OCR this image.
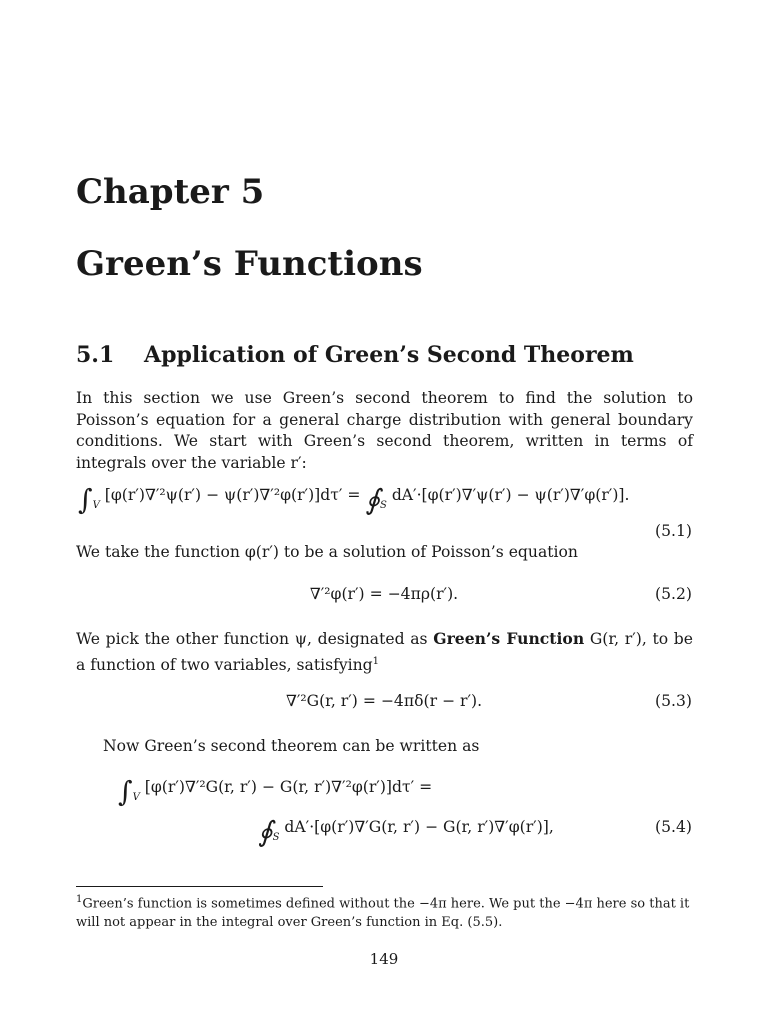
Chapter 5
Green’s Functions
5.1 Application of Green’s Second Theorem
In this section we use Green’s second theorem to find the solution to Poisson’s equation for a general charge distribution with general boundary conditions. We start with Green’s second theorem, written in terms of integrals over the variable r′:
$\int_V$ $[\varphi(r')\nabla'^2\psi(r') - \psi(r')\nabla'^2\varphi(r')]d\tau' = ∮_S$ dA′·[φ(r′)∇′ψ(r′) − ψ(r′)∇′φ(r′)].
(5.1)
We take the function φ(r′) to be a solution of Poisson’s equation
∇′²φ(r′) = −4πρ(r′).	(5.2)
We pick the other function ψ, designated as Green’s Function G(r, r′), to be a function of two variables, satisfying$^1$
∇′²G(r, r′) = −4πδ(r − r′).	(5.3)
Now Green’s second theorem can be written as
$\int_V$ [φ(r′)∇′²G(r, r′) − G(r, r′)∇′²φ(r′)]dτ′ =
$∮_S$ dA′·[φ(r′)∇′G(r, r′) − G(r, r′)∇′φ(r′)],	(5.4)
$^1$Green’s function is sometimes defined without the −4π here. We put the −4π here so that it will not appear in the integral over Green’s function in Eq. (5.5).
149
